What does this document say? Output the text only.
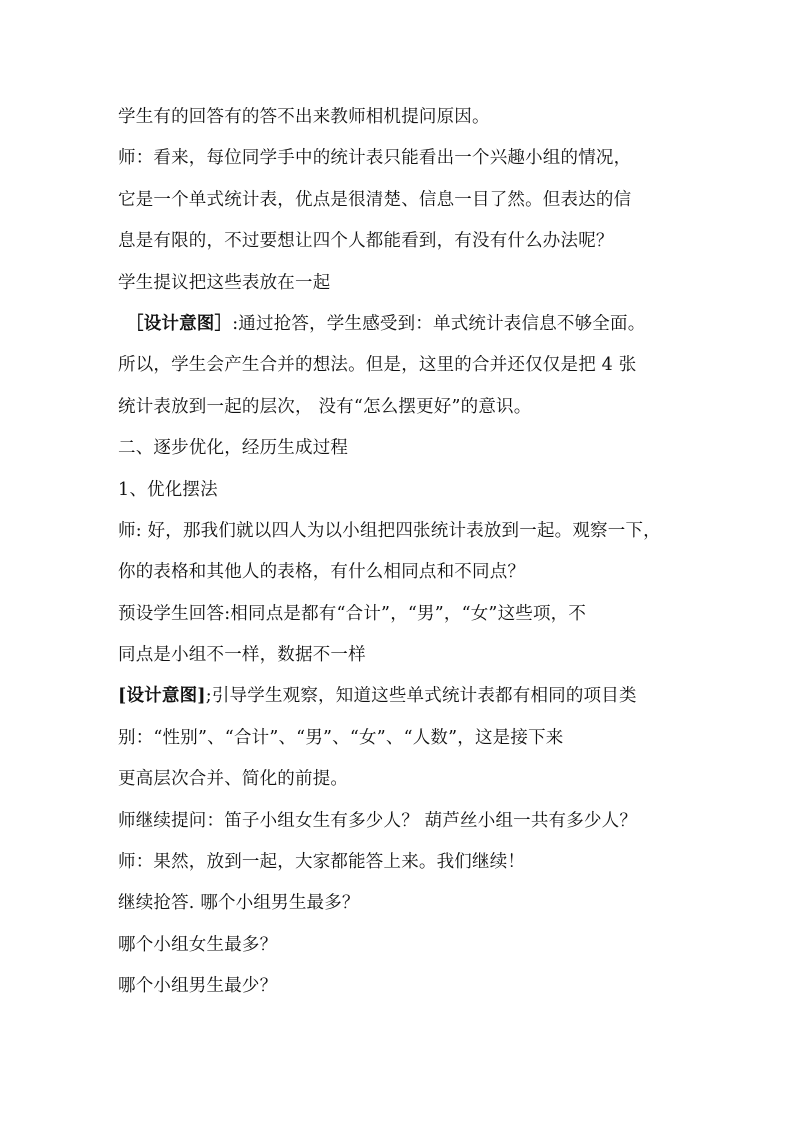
学生有的回答有的答不出来教师相机提问原因。
师：看来，每位同学手中的统计表只能看出一个兴趣小组的情况，
它是一个单式统计表，优点是很清楚、信息一目了然。但表达的信
息是有限的，不过要想让四个人都能看到，有没有什么办法呢？
学生提议把这些表放在一起
［设计意图］:通过抢答，学生感受到：单式统计表信息不够全面。
所以，学生会产生合并的想法。但是，这里的合并还仅仅是把 4 张
统计表放到一起的层次， 没有“怎么摆更好”的意识。
二、逐步优化，经历生成过程
1、优化摆法
师: 好，那我们就以四人为以小组把四张统计表放到一起。观察一下，
你的表格和其他人的表格，有什么相同点和不同点？
预设学生回答:相同点是都有“合计”，“男”，“女”这些项，不
同点是小组不一样，数据不一样
[设计意图];引导学生观察，知道这些单式统计表都有相同的项目类
别：“性别”、“合计”、“男”、“女”、“人数”，这是接下来
更高层次合并、简化的前提。
师继续提问：笛子小组女生有多少人？ 葫芦丝小组一共有多少人？
师：果然，放到一起，大家都能答上来。我们继续！
继续抢答. 哪个小组男生最多？
哪个小组女生最多？
哪个小组男生最少？
